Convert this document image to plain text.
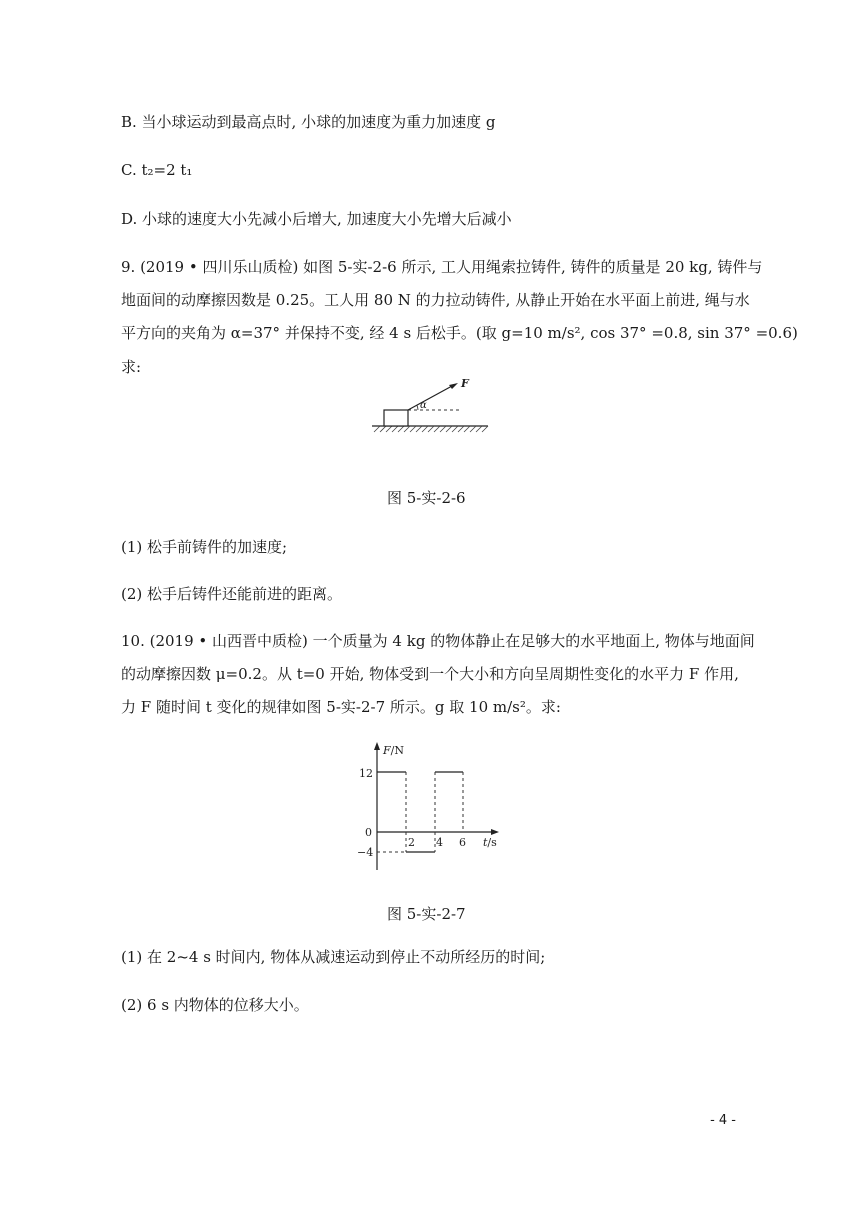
B. 当小球运动到最高点时, 小球的加速度为重力加速度 g
C. t₂=2 t₁
D. 小球的速度大小先减小后增大, 加速度大小先增大后减小
9. (2019 • 四川乐山质检) 如图 5-实-2-6 所示, 工人用绳索拉铸件, 铸件的质量是 20 kg, 铸件与
地面间的动摩擦因数是 0.25。工人用 80 N 的力拉动铸件, 从静止开始在水平面上前进, 绳与水
平方向的夹角为 α=37° 并保持不变, 经 4 s 后松手。(取 g=10 m/s², cos 37° =0.8, sin 37° =0.6)
求:
α
F
图 5-实-2-6
(1) 松手前铸件的加速度;
(2) 松手后铸件还能前进的距离。
10. (2019 • 山西晋中质检) 一个质量为 4 kg 的物体静止在足够大的水平地面上, 物体与地面间
的动摩擦因数 μ=0.2。从 t=0 开始, 物体受到一个大小和方向呈周期性变化的水平力 F 作用,
力 F 随时间 t 变化的规律如图 5-实-2-7 所示。g 取 10 m/s²。求:
F/N
t/s
12
0
−4
2 4 6
图 5-实-2-7
(1) 在 2~4 s 时间内, 物体从减速运动到停止不动所经历的时间;
(2) 6 s 内物体的位移大小。
- 4 -
